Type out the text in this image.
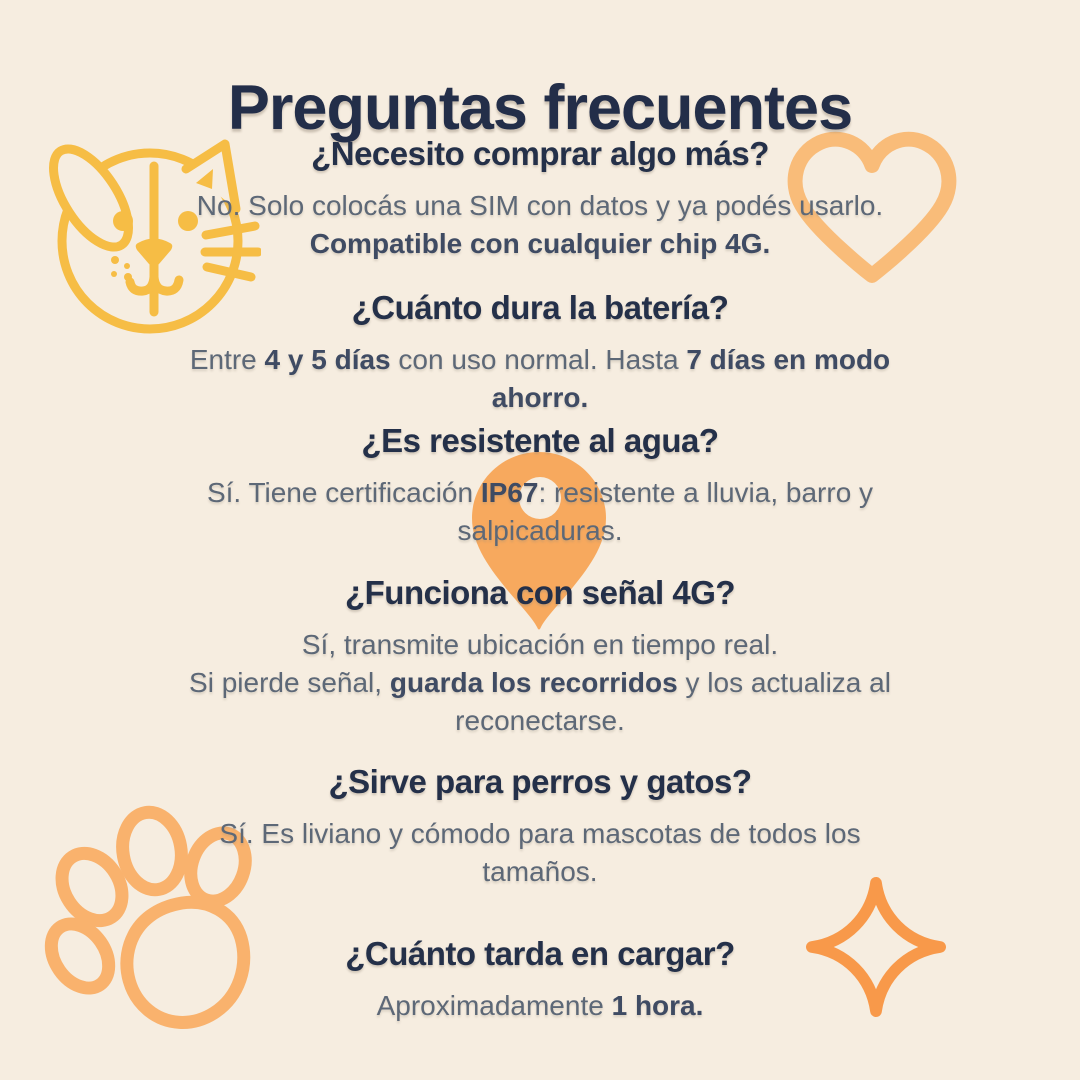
Preguntas frecuentes
¿Necesito comprar algo más?
No. Solo colocás una SIM con datos y ya podés usarlo.
Compatible con cualquier chip 4G.
¿Cuánto dura la batería?
Entre 4 y 5 días con uso normal. Hasta 7 días en modo
ahorro.
¿Es resistente al agua?
Sí. Tiene certificación IP67: resistente a lluvia, barro y
salpicaduras.
¿Funciona con señal 4G?
Sí, transmite ubicación en tiempo real.
Si pierde señal, guarda los recorridos y los actualiza al
reconectarse.
¿Sirve para perros y gatos?
Sí. Es liviano y cómodo para mascotas de todos los
tamaños.
¿Cuánto tarda en cargar?
Aproximadamente 1 hora.
